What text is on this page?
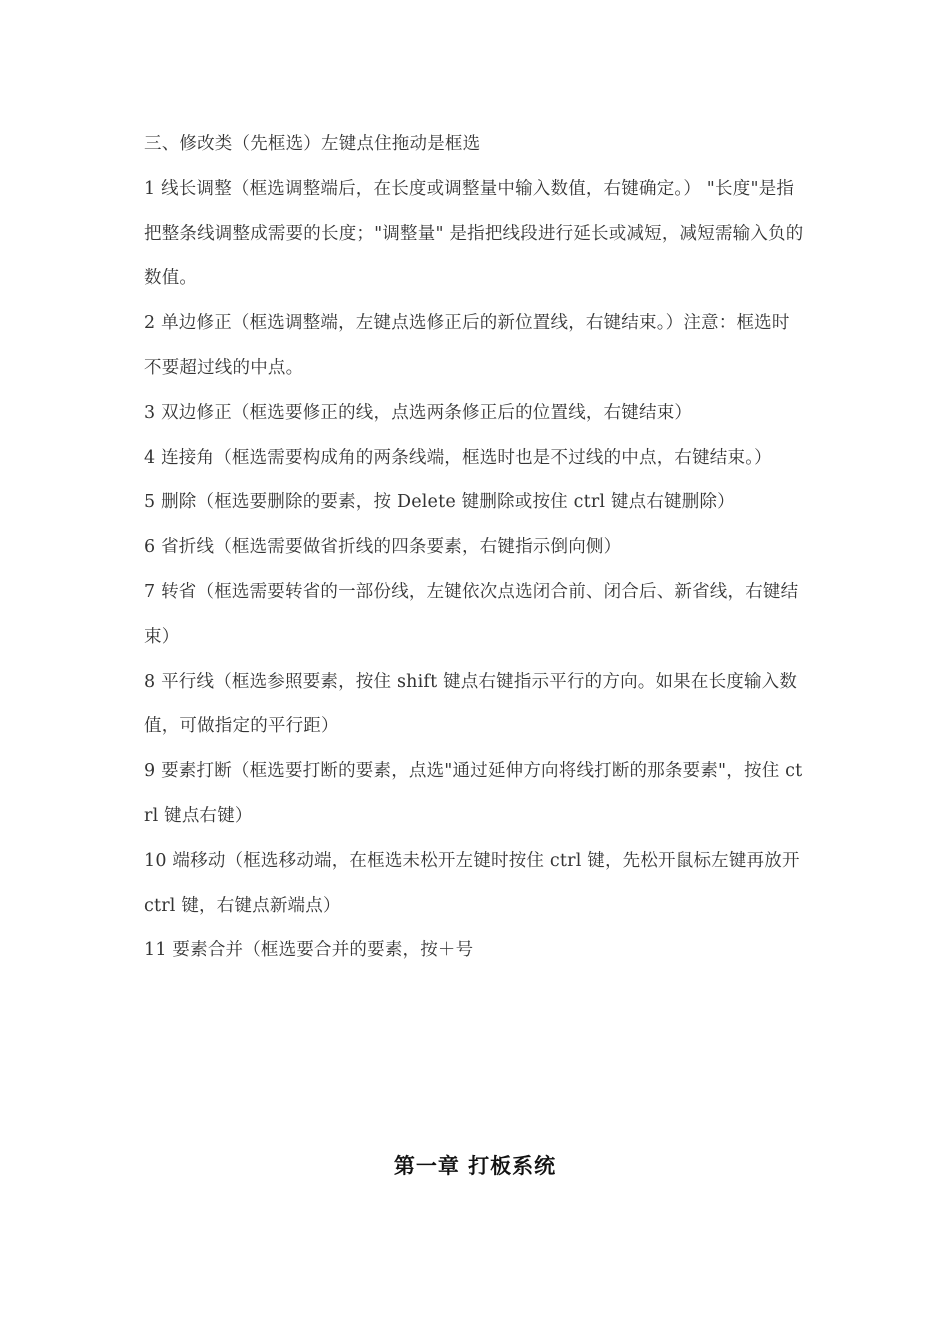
三、修改类（先框选）左键点住拖动是框选

1 线长调整（框选调整端后，在长度或调整量中输入数值，右键确定。） "长度"是指把整条线调整成需要的长度；"调整量" 是指把线段进行延长或减短，减短需输入负的数值。

2 单边修正（框选调整端，左键点选修正后的新位置线，右键结束。）注意：框选时不要超过线的中点。

3 双边修正（框选要修正的线，点选两条修正后的位置线，右键结束）

4 连接角（框选需要构成角的两条线端，框选时也是不过线的中点，右键结束。）

5 删除（框选要删除的要素，按 Delete 键删除或按住 ctrl 键点右键删除）

6 省折线（框选需要做省折线的四条要素，右键指示倒向侧）

7 转省（框选需要转省的一部份线，左键依次点选闭合前、闭合后、新省线，右键结束）

8 平行线（框选参照要素，按住 shift 键点右键指示平行的方向。如果在长度输入数值，可做指定的平行距）

9 要素打断（框选要打断的要素，点选"通过延伸方向将线打断的那条要素"，按住 ctrl 键点右键）

10 端移动（框选移动端，在框选未松开左键时按住 ctrl 键，先松开鼠标左键再放开 ctrl 键，右键点新端点）

11 要素合并（框选要合并的要素，按＋号

第一章 打板系统
